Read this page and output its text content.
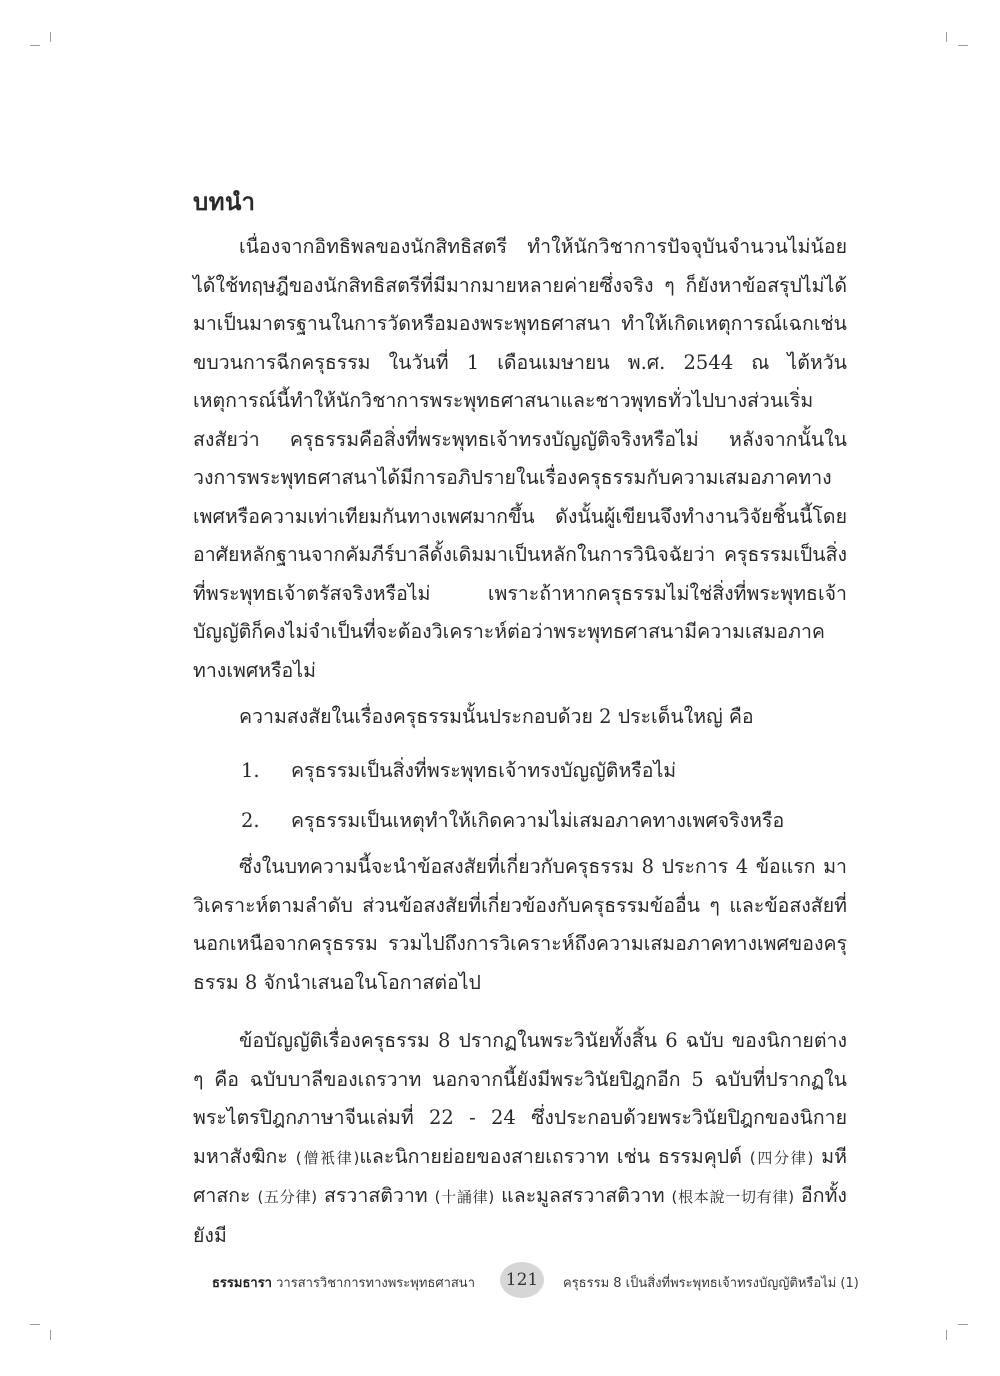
บทนำ

เนื่องจากอิทธิพลของนักสิทธิสตรี ทำให้นักวิชาการปัจจุบันจำนวนไม่น้อยได้ใช้ทฤษฎีของนักสิทธิสตรีที่มีมากมายหลายค่ายซึ่งจริง ๆ ก็ยังหาข้อสรุปไม่ได้มาเป็นมาตรฐานในการวัดหรือมองพระพุทธศาสนา ทำให้เกิดเหตุการณ์เฉกเช่นขบวนการฉีกครุธรรม ในวันที่ 1 เดือนเมษายน พ.ศ. 2544 ณ ไต้หวัน เหตุการณ์นี้ทำให้นักวิชาการพระพุทธศาสนาและชาวพุทธทั่วไปบางส่วนเริ่มสงสัยว่า ครุธรรมคือสิ่งที่พระพุทธเจ้าทรงบัญญัติจริงหรือไม่ หลังจากนั้นในวงการพระพุทธศาสนาได้มีการอภิปรายในเรื่องครุธรรมกับความเสมอภาคทางเพศหรือความเท่าเทียมกันทางเพศมากขึ้น ดังนั้นผู้เขียนจึงทำงานวิจัยชิ้นนี้โดยอาศัยหลักฐานจากคัมภีร์บาลีดั้งเดิมมาเป็นหลักในการวินิจฉัยว่า ครุธรรมเป็นสิ่งที่พระพุทธเจ้าตรัสจริงหรือไม่ เพราะถ้าหากครุธรรมไม่ใช่สิ่งที่พระพุทธเจ้าบัญญัติก็คงไม่จำเป็นที่จะต้องวิเคราะห์ต่อว่าพระพุทธศาสนามีความเสมอภาคทางเพศหรือไม่

ความสงสัยในเรื่องครุธรรมนั้นประกอบด้วย 2 ประเด็นใหญ่ คือ

1. ครุธรรมเป็นสิ่งที่พระพุทธเจ้าทรงบัญญัติหรือไม่
2. ครุธรรมเป็นเหตุทำให้เกิดความไม่เสมอภาคทางเพศจริงหรือ

ซึ่งในบทความนี้จะนำข้อสงสัยที่เกี่ยวกับครุธรรม 8 ประการ 4 ข้อแรก มาวิเคราะห์ตามลำดับ ส่วนข้อสงสัยที่เกี่ยวข้องกับครุธรรมข้ออื่น ๆ และข้อสงสัยที่นอกเหนือจากครุธรรม รวมไปถึงการวิเคราะห์ถึงความเสมอภาคทางเพศของครุธรรม 8 จักนำเสนอในโอกาสต่อไป

ข้อบัญญัติเรื่องครุธรรม 8 ปรากฏในพระวินัยทั้งสิ้น 6 ฉบับ ของนิกายต่าง ๆ คือ ฉบับบาลีของเถรวาท นอกจากนี้ยังมีพระวินัยปิฎกอีก 5 ฉบับที่ปรากฏในพระไตรปิฎกภาษาจีนเล่มที่ 22 - 24 ซึ่งประกอบด้วยพระวินัยปิฎกของนิกายมหาสังฆิกะ (僧衹律)และนิกายย่อยของสายเถรวาท เช่น ธรรมคุปต์ (四分律) มหีศาสกะ (五分律) สรวาสติวาท (十誦律) และมูลสรวาสติวาท (根本說一切有律) อีกทั้งยังมี

ธรรมธารา วารสารวิชาการทางพระพุทธศาสนา	121	ครุธรรม 8 เป็นสิ่งที่พระพุทธเจ้าทรงบัญญัติหรือไม่ (1)
